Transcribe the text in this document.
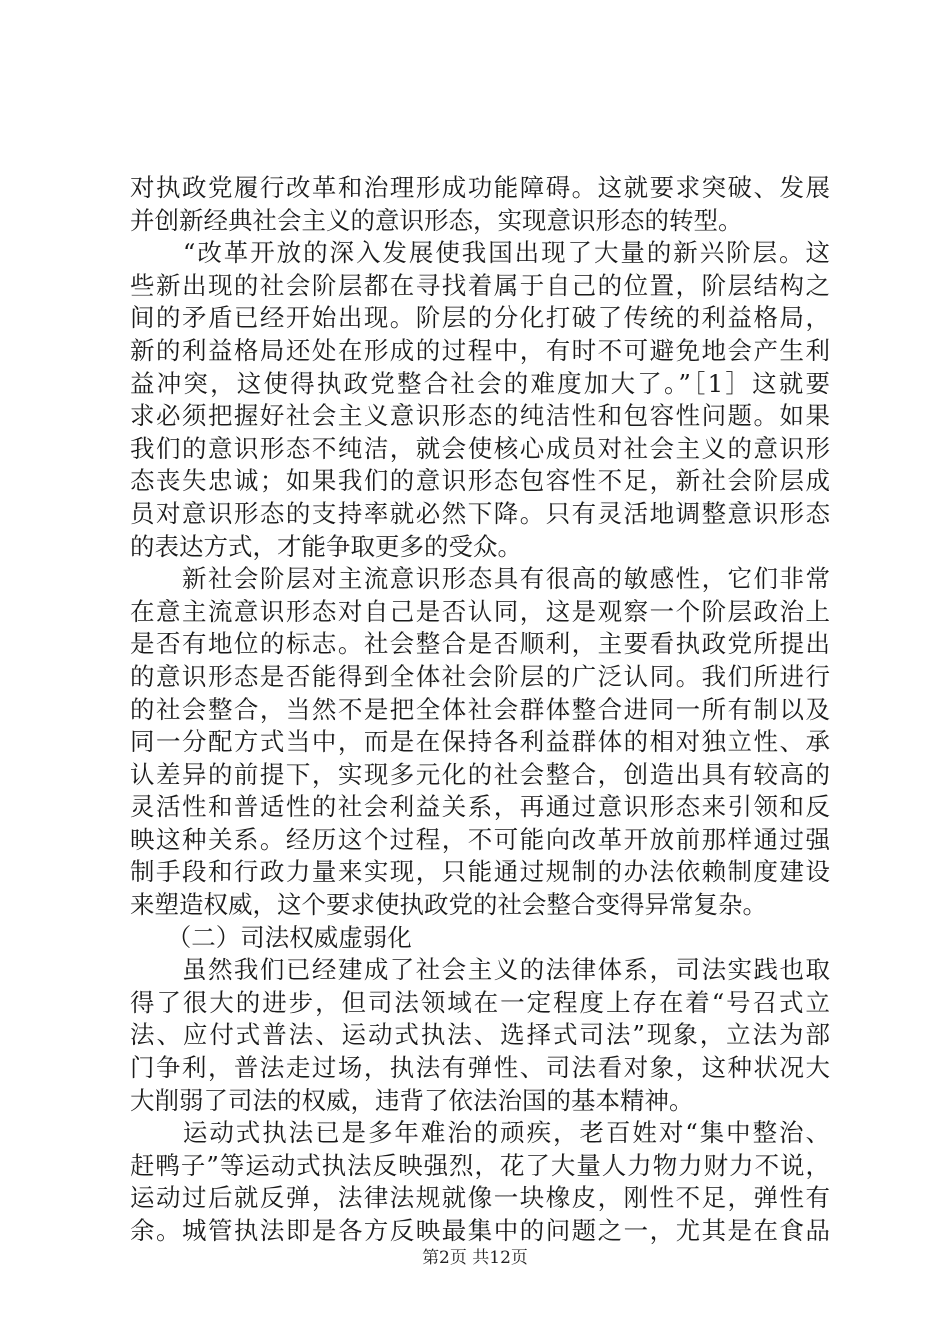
对执政党履行改革和治理形成功能障碍。这就要求突破、发展
并创新经典社会主义的意识形态，实现意识形态的转型。
　　“改革开放的深入发展使我国出现了大量的新兴阶层。这
些新出现的社会阶层都在寻找着属于自己的位置，阶层结构之
间的矛盾已经开始出现。阶层的分化打破了传统的利益格局，
新的利益格局还处在形成的过程中，有时不可避免地会产生利
益冲突，这使得执政党整合社会的难度加大了。”［1］这就要
求必须把握好社会主义意识形态的纯洁性和包容性问题。如果
我们的意识形态不纯洁，就会使核心成员对社会主义的意识形
态丧失忠诚；如果我们的意识形态包容性不足，新社会阶层成
员对意识形态的支持率就必然下降。只有灵活地调整意识形态
的表达方式，才能争取更多的受众。
　　新社会阶层对主流意识形态具有很高的敏感性，它们非常
在意主流意识形态对自己是否认同，这是观察一个阶层政治上
是否有地位的标志。社会整合是否顺利，主要看执政党所提出
的意识形态是否能得到全体社会阶层的广泛认同。我们所进行
的社会整合，当然不是把全体社会群体整合进同一所有制以及
同一分配方式当中，而是在保持各利益群体的相对独立性、承
认差异的前提下，实现多元化的社会整合，创造出具有较高的
灵活性和普适性的社会利益关系，再通过意识形态来引领和反
映这种关系。经历这个过程，不可能向改革开放前那样通过强
制手段和行政力量来实现，只能通过规制的办法依赖制度建设
来塑造权威，这个要求使执政党的社会整合变得异常复杂。
　　（二）司法权威虚弱化
　　虽然我们已经建成了社会主义的法律体系，司法实践也取
得了很大的进步，但司法领域在一定程度上存在着“号召式立
法、应付式普法、运动式执法、选择式司法”现象，立法为部
门争利，普法走过场，执法有弹性、司法看对象，这种状况大
大削弱了司法的权威，违背了依法治国的基本精神。
　　运动式执法已是多年难治的顽疾，老百姓对“集中整治、
赶鸭子”等运动式执法反映强烈，花了大量人力物力财力不说，
运动过后就反弹，法律法规就像一块橡皮，刚性不足，弹性有
余。城管执法即是各方反映最集中的问题之一，尤其是在食品
第2页 共12页
